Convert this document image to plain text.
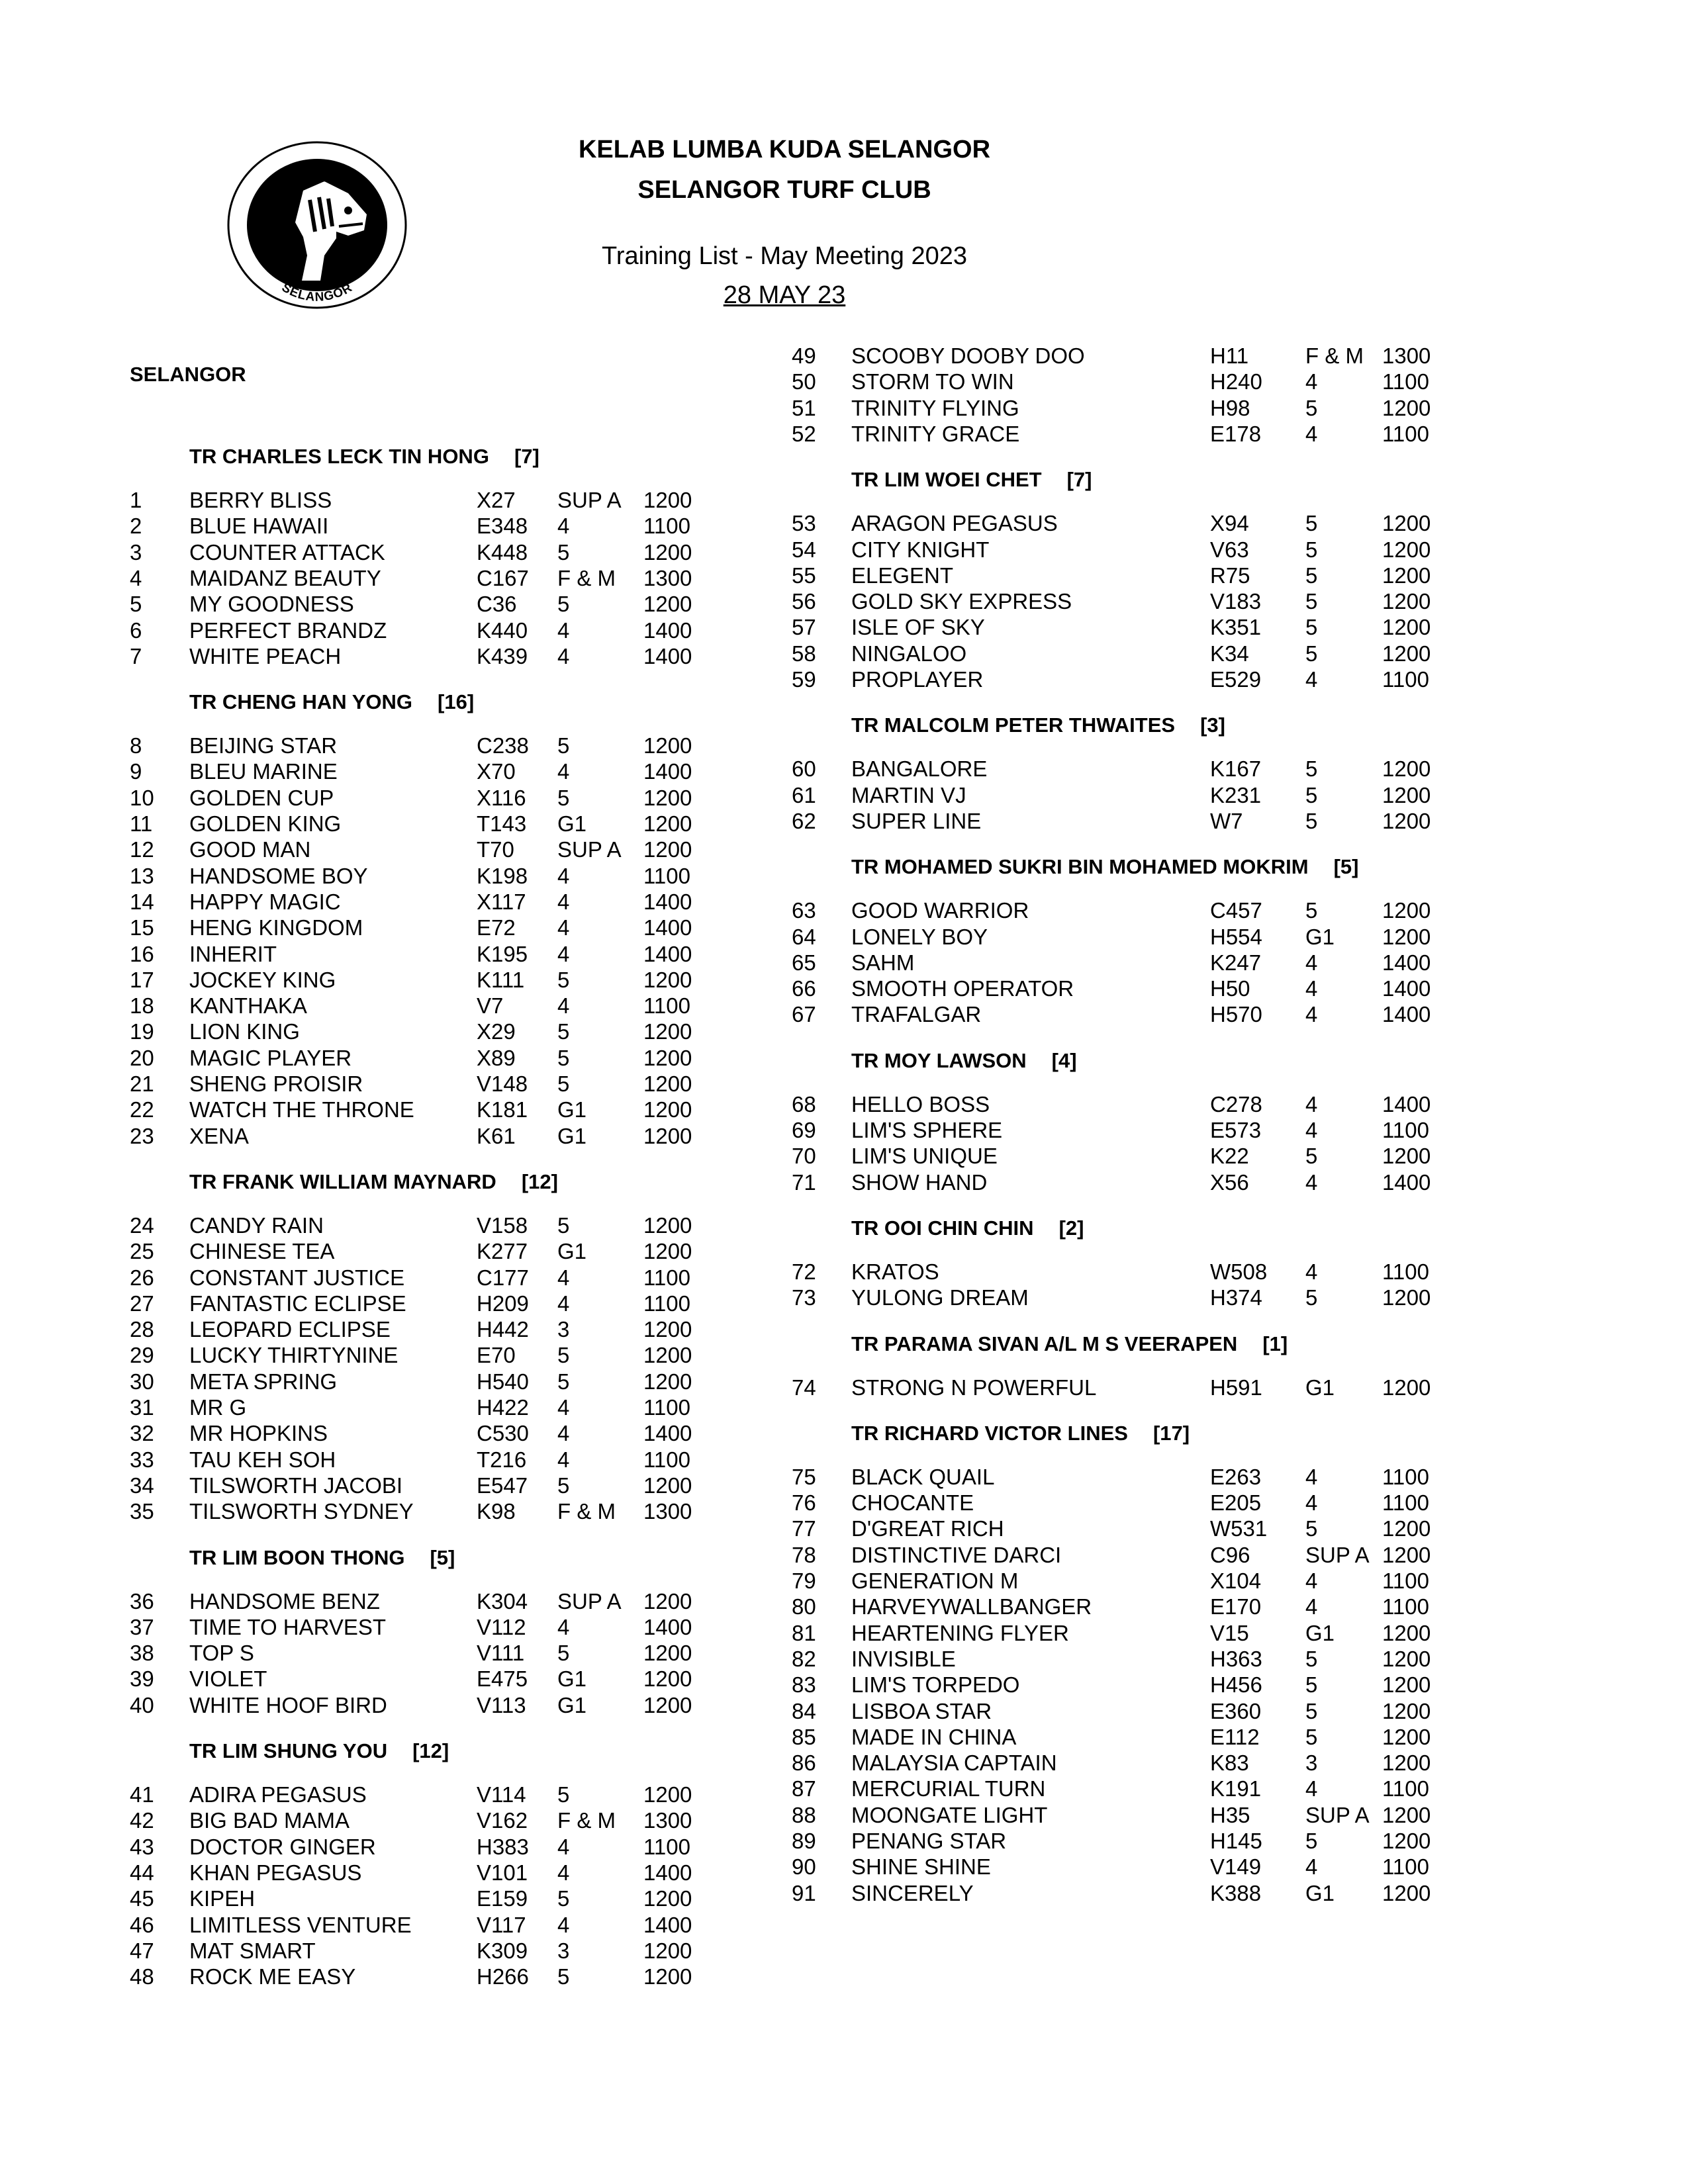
KELAB LUMBA KUDA
SELANGOR
KELAB LUMBA KUDA SELANGOR
SELANGOR TURF CLUB
Training List - May Meeting 2023
28 MAY 23
SELANGOR
TR CHARLES LECK TIN HONG [7]
1 BERRY BLISS	X27 SUP A 1200
2 BLUE HAWAII	E348 4	1100
3 COUNTER ATTACK	K448 5	1200
4 MAIDANZ BEAUTY	C167 F & M 1300
5 MY GOODNESS	C36 5	1200
6 PERFECT BRANDZ	K440 4	1400
7 WHITE PEACH	K439 4	1400
TR CHENG HAN YONG [16]
8 BEIJING STAR	C238 5	1200
9 BLEU MARINE	X70 4	1400
10 GOLDEN CUP	X116 5	1200
11 GOLDEN KING	T143 G1	1200
12 GOOD MAN	T70 SUP A 1200
13 HANDSOME BOY	K198 4	1100
14 HAPPY MAGIC	X117 4	1400
15 HENG KINGDOM	E72 4	1400
16 INHERIT	K195 4	1400
17 JOCKEY KING	K111 5	1200
18 KANTHAKA	V7 4	1100
19 LION KING	X29 5	1200
20 MAGIC PLAYER	X89 5	1200
21 SHENG PROISIR	V148 5	1200
22 WATCH THE THRONE	K181 G1	1200
23 XENA	K61 G1	1200
TR FRANK WILLIAM MAYNARD [12]
24 CANDY RAIN	V158 5	1200
25 CHINESE TEA	K277 G1	1200
26 CONSTANT JUSTICE	C177 4	1100
27 FANTASTIC ECLIPSE	H209 4	1100
28 LEOPARD ECLIPSE	H442 3	1200
29 LUCKY THIRTYNINE	E70 5	1200
30 META SPRING	H540 5	1200
31 MR G	H422 4	1100
32 MR HOPKINS	C530 4	1400
33 TAU KEH SOH	T216 4	1100
34 TILSWORTH JACOBI	E547 5	1200
35 TILSWORTH SYDNEY	K98 F & M 1300
TR LIM BOON THONG [5]
36 HANDSOME BENZ	K304 SUP A 1200
37 TIME TO HARVEST	V112 4	1400
38 TOP S	V111 5	1200
39 VIOLET	E475 G1	1200
40 WHITE HOOF BIRD	V113 G1	1200
TR LIM SHUNG YOU [12]
41 ADIRA PEGASUS	V114 5	1200
42 BIG BAD MAMA	V162 F & M 1300
43 DOCTOR GINGER	H383 4	1100
44 KHAN PEGASUS	V101 4	1400
45 KIPEH	E159 5	1200
46 LIMITLESS VENTURE	V117 4	1400
47 MAT SMART	K309 3	1200
48 ROCK ME EASY	H266 5	1200
49 SCOOBY DOOBY DOO	H11	F & M 1300
50 STORM TO WIN	H240 4	1100
51 TRINITY FLYING	H98	5	1200
52 TRINITY GRACE	E178 4	1100
TR LIM WOEI CHET [7]
53 ARAGON PEGASUS	X94	5	1200
54 CITY KNIGHT	V63	5	1200
55 ELEGENT	R75	5	1200
56 GOLD SKY EXPRESS	V183 5	1200
57 ISLE OF SKY	K351 5	1200
58 NINGALOO	K34	5	1200
59 PROPLAYER	E529 4	1100
TR MALCOLM PETER THWAITES [3]
60 BANGALORE	K167 5	1200
61 MARTIN VJ	K231 5	1200
62 SUPER LINE	W7	5	1200
TR MOHAMED SUKRI BIN MOHAMED MOKRIM [5]
63 GOOD WARRIOR	C457 5	1200
64 LONELY BOY	H554 G1 1200
65 SAHM	K247 4	1400
66 SMOOTH OPERATOR	H50	4	1400
67 TRAFALGAR	H570 4	1400
TR MOY LAWSON [4]
68 HELLO BOSS	C278 4	1400
69 LIM'S SPHERE	E573 4	1100
70 LIM'S UNIQUE	K22	5	1200
71 SHOW HAND	X56	4	1400
TR OOI CHIN CHIN [2]
72 KRATOS	W508 4	1100
73 YULONG DREAM	H374 5	1200
TR PARAMA SIVAN A/L M S VEERAPEN [1]
74 STRONG N POWERFUL	H591 G1 1200
TR RICHARD VICTOR LINES [17]
75 BLACK QUAIL	E263 4	1100
76 CHOCANTE	E205 4	1100
77 D'GREAT RICH	W531 5	1200
78 DISTINCTIVE DARCI	C96	SUP A 1200
79 GENERATION M	X104 4	1100
80 HARVEYWALLBANGER	E170 4	1100
81 HEARTENING FLYER	V15	G1 1200
82 INVISIBLE	H363 5	1200
83 LIM'S TORPEDO	H456 5	1200
84 LISBOA STAR	E360 5	1200
85 MADE IN CHINA	E112 5	1200
86 MALAYSIA CAPTAIN	K83	3	1200
87 MERCURIAL TURN	K191 4	1100
88 MOONGATE LIGHT	H35	SUP A 1200
89 PENANG STAR	H145 5	1200
90 SHINE SHINE	V149 4	1100
91 SINCERELY	K388 G1 1200
